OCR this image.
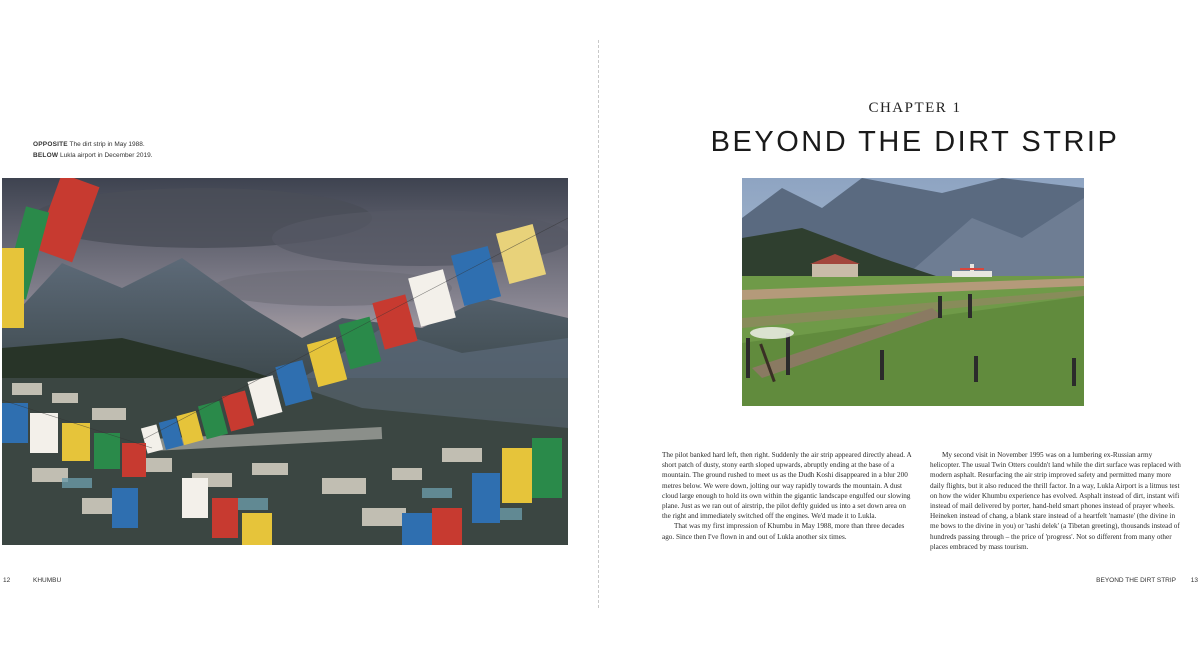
OPPOSITE The dirt strip in May 1988.
BELOW Lukla airport in December 2019.
12	KHUMBU
CHAPTER 1
BEYOND THE DIRT STRIP

The pilot banked hard left, then right. Suddenly the air strip appeared directly ahead. A short patch of dusty, stony earth sloped upwards, abruptly ending at the base of a mountain. The ground rushed to meet us as the Dudh Koshi disappeared in a blur 200 metres below. We were down, jolting our way rapidly towards the mountain. A dust cloud large enough to hold its own within the gigantic landscape engulfed our slowing plane. Just as we ran out of airstrip, the pilot deftly guided us into a set down area on the right and immediately switched off the engines. We'd made it to Lukla.

That was my first impression of Khumbu in May 1988, more than three decades ago. Since then I've flown in and out of Lukla another six times.

My second visit in November 1995 was on a lumbering ex-Russian army helicopter. The usual Twin Otters couldn't land while the dirt surface was replaced with modern asphalt. Resurfacing the air strip improved safety and permitted many more daily flights, but it also reduced the thrill factor. In a way, Lukla Airport is a litmus test on how the wider Khumbu experience has evolved. Asphalt instead of dirt, instant wifi instead of mail delivered by porter, hand-held smart phones instead of prayer wheels. Heineken instead of chang, a blank stare instead of a heartfelt 'namaste' (the divine in me bows to the divine in you) or 'tashi delek' (a Tibetan greeting), thousands instead of hundreds passing through – the price of 'progress'. Not so different from many other places embraced by mass tourism.

BEYOND THE DIRT STRIP 13
